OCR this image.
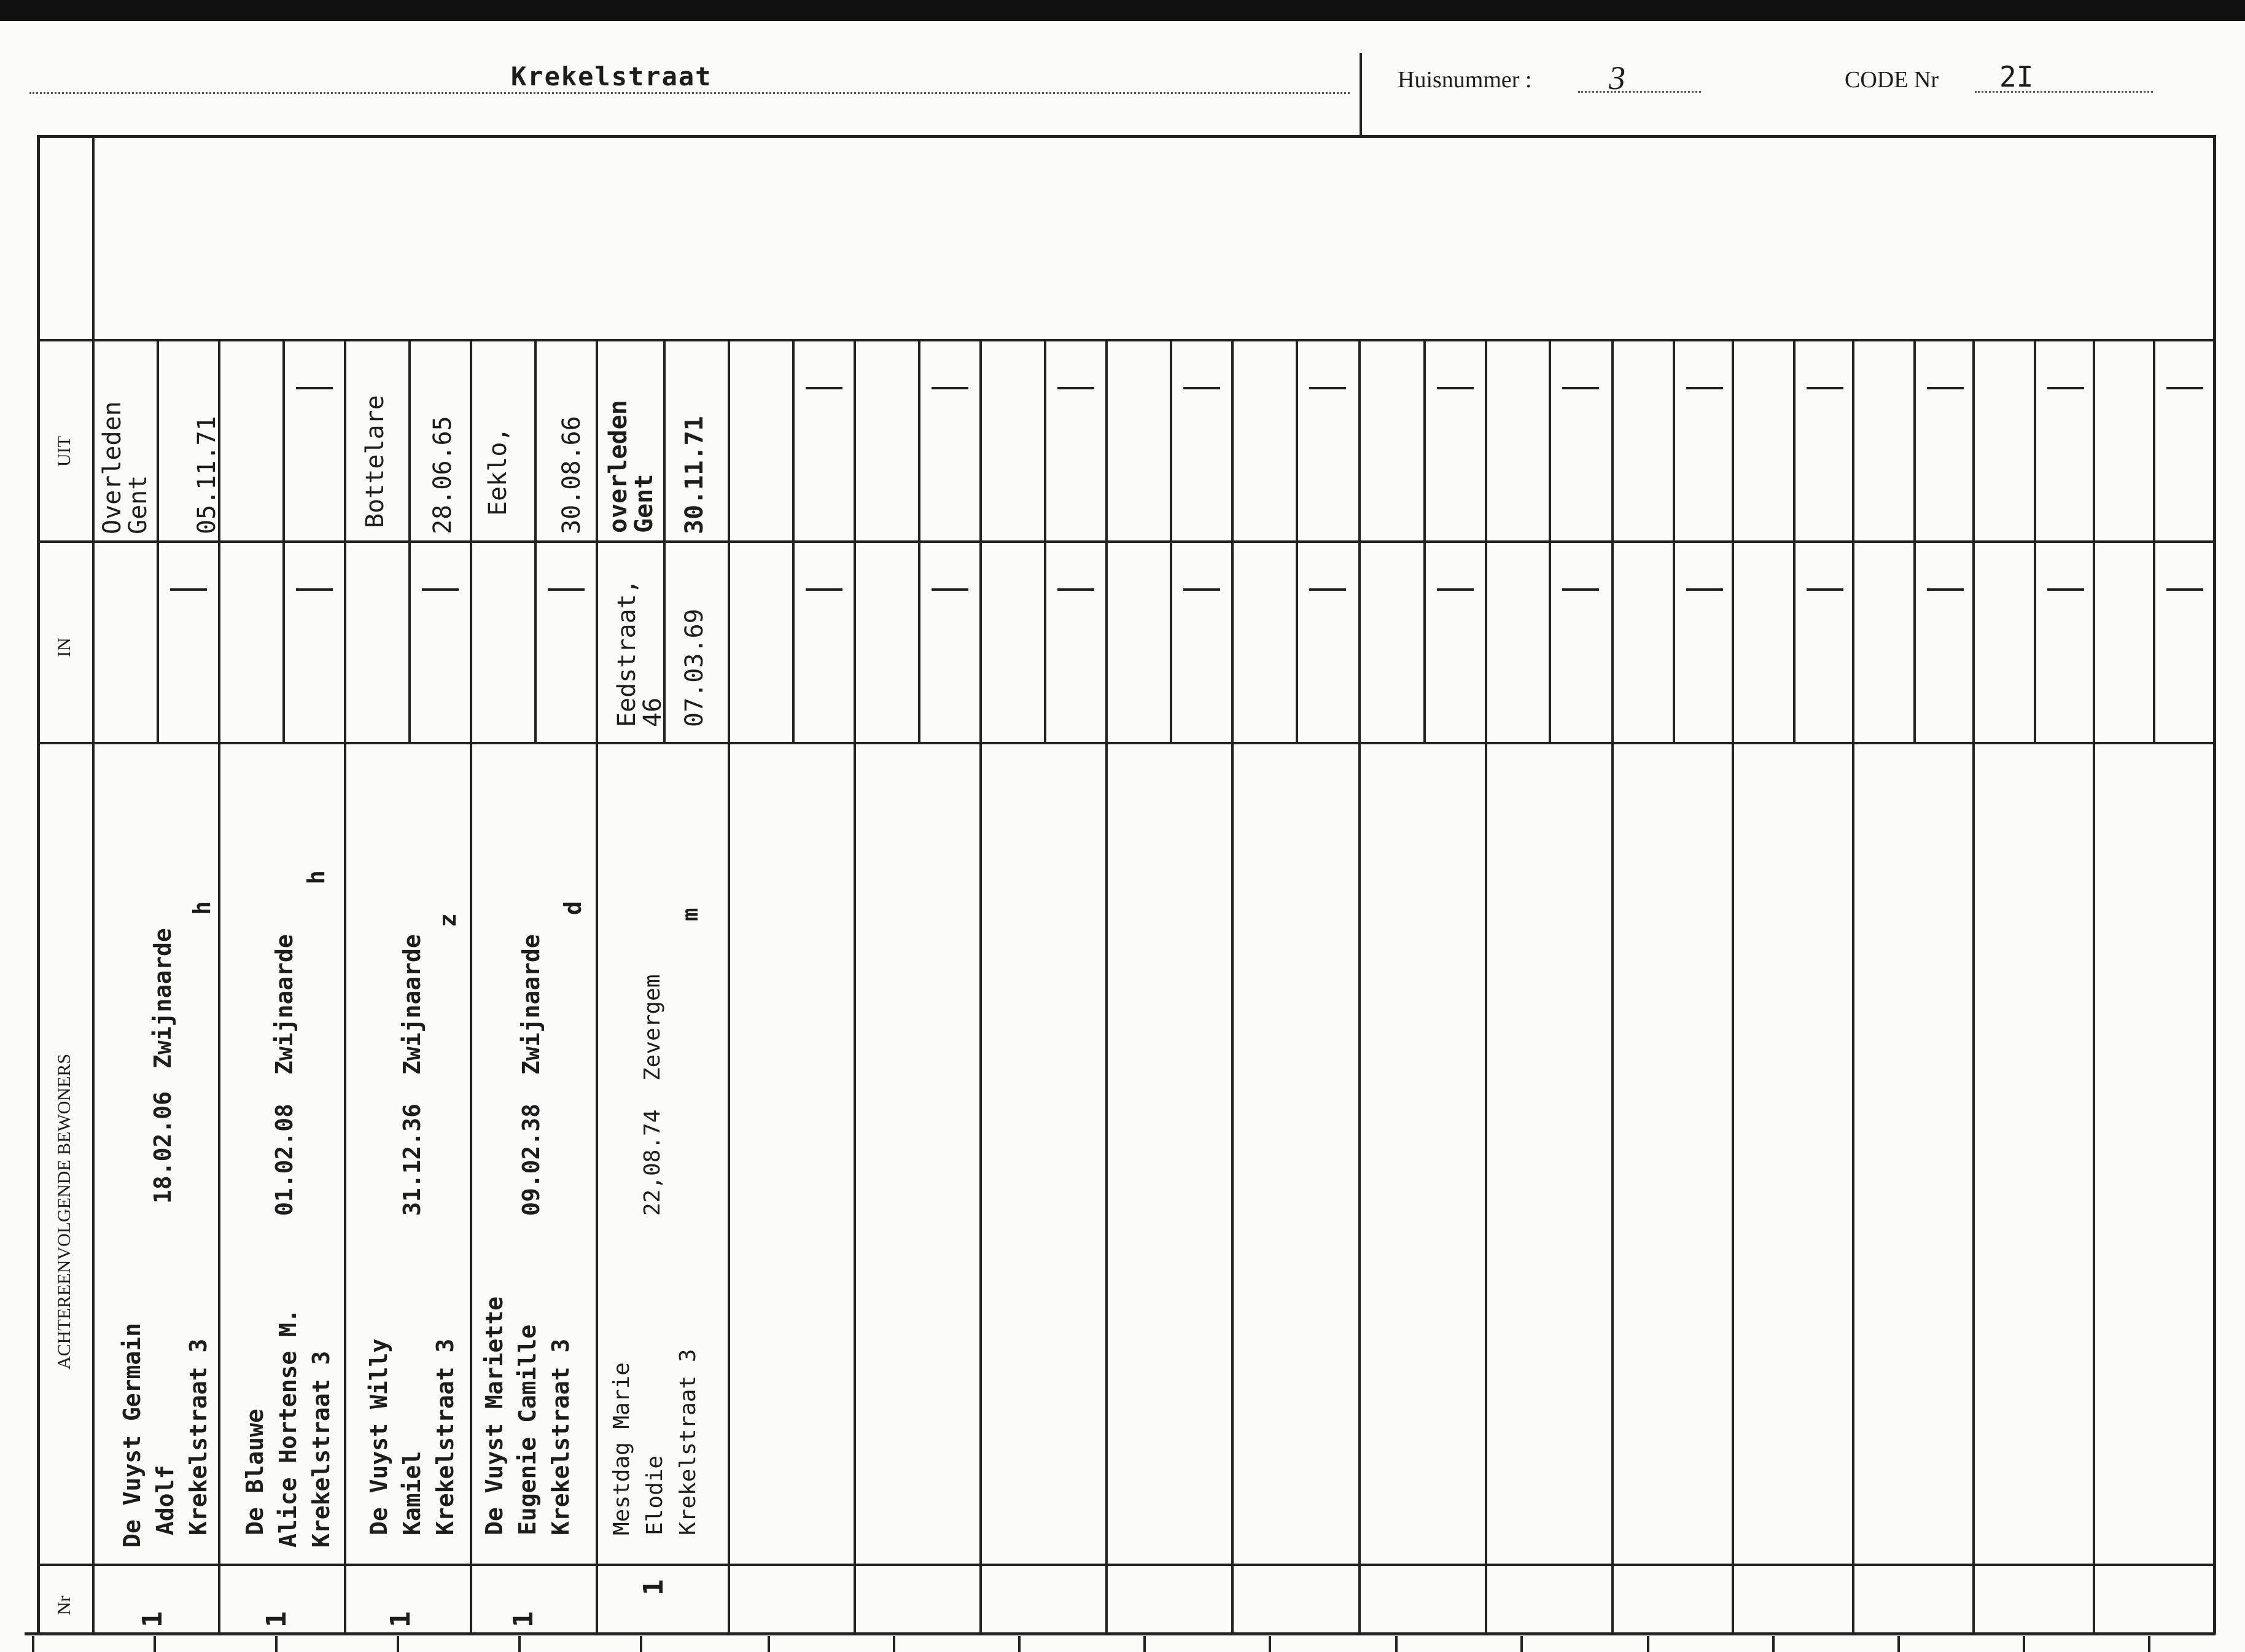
Krekelstraat	Huisnummer : 3	CODE Nr 2I
UIT
IN
ACHTEREENVOLGENDE BEWONERS
Nr
Overleden
Gent 05.11.71
De Vuyst Germain Adolf Krekelstraat 3
18.02.06
Zwijnaarde
h
1
De Blauwe Alice Hortense M. Krekelstraat 3
01.02.08
Zwijnaarde
h
1
Bottelare 28.06.65
De Vuyst Willy Kamiel Krekelstraat 3
31.12.36
Zwijnaarde
z
1
Eeklo, 30.08.66
De Vuyst Mariette Eugenie Camille Krekelstraat 3
09.02.38
Zwijnaarde
d
1
overleden
Gent 30.11.71
Eedstraat,
46 07.03.69
Mestdag Marie Elodie Krekelstraat 3
22,08.74
Zevergem
m
1
